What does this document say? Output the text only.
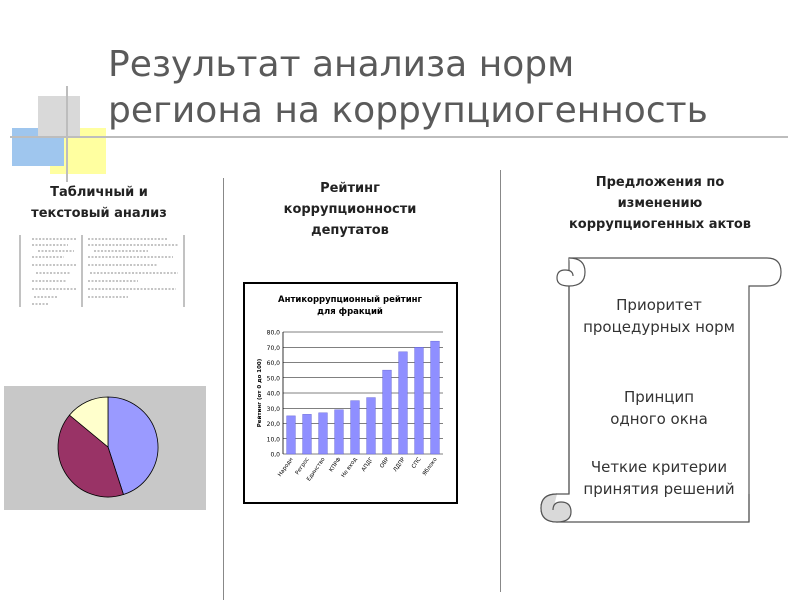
Результат анализа норм
региона на коррупциогенность

Табличный и
текстовый анализ

Рейтинг
коррупционности
депутатов

Антикоррупционный рейтинг
для фракций
0,0
10,0
20,0
30,0
40,0
50,0
60,0
70,0
80,0
Рейтинг (от 0 до 100)
Народн Регрос
Единство КПРФ
Не вход АПДГ ОВР ЛДПР СПС Яблоко

Предложения по
изменению
коррупциогенных актов

Приоритет
процедурных норм

Принцип
одного окна

Четкие критерии
принятия решений
